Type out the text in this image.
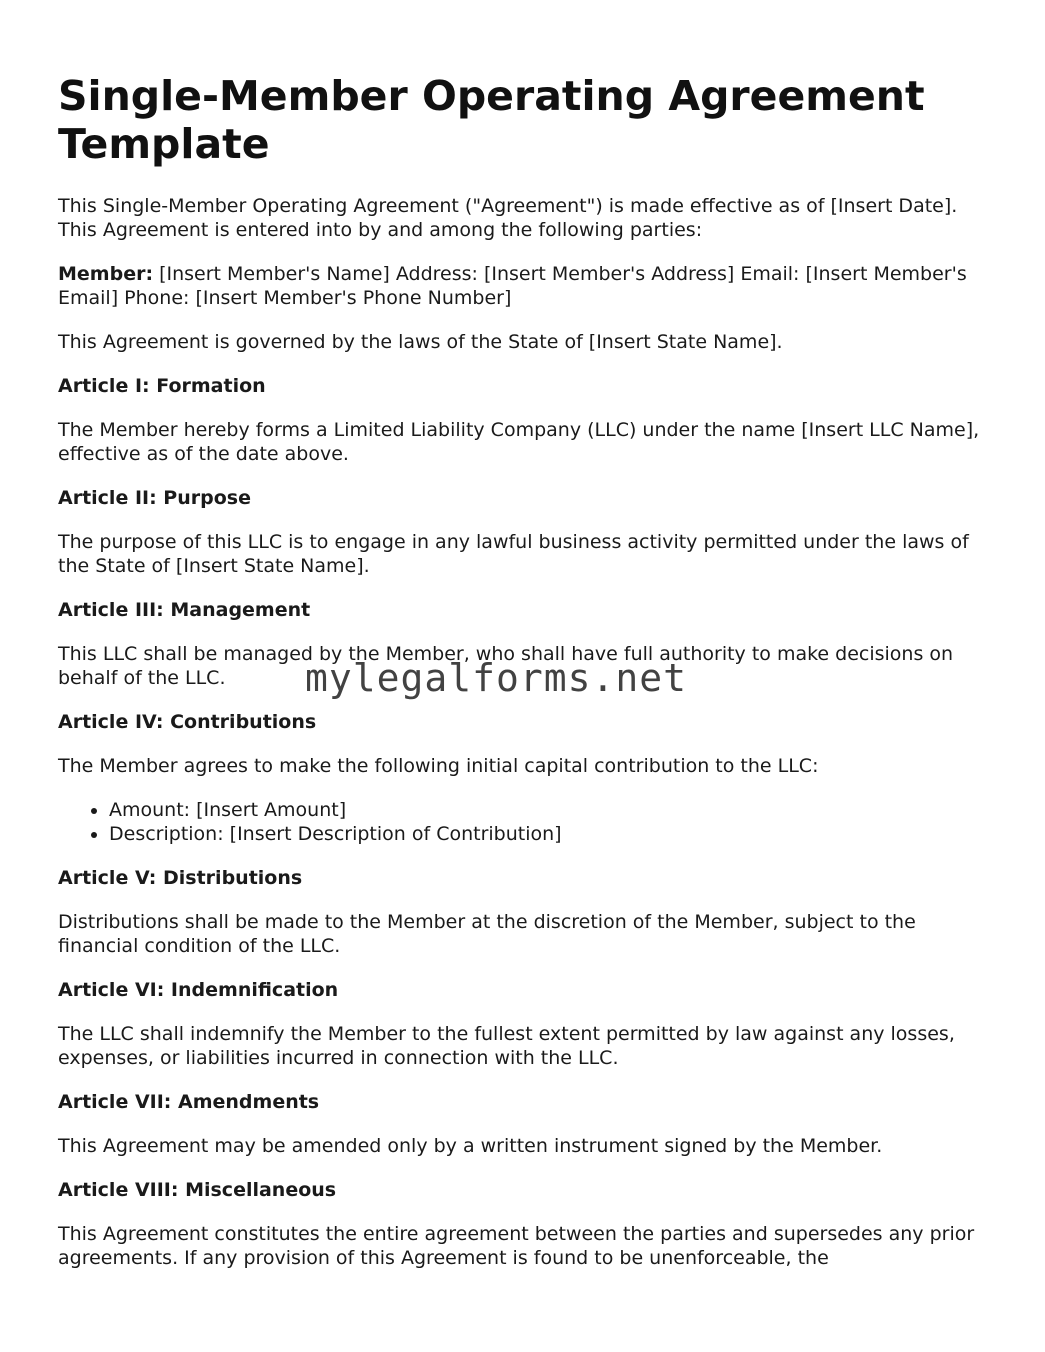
Single-Member Operating Agreement Template

This Single-Member Operating Agreement ("Agreement") is made effective as of [Insert Date]. This Agreement is entered into by and among the following parties:

Member: [Insert Member's Name] Address: [Insert Member's Address] Email: [Insert Member's Email] Phone: [Insert Member's Phone Number]

This Agreement is governed by the laws of the State of [Insert State Name].

Article I: Formation

The Member hereby forms a Limited Liability Company (LLC) under the name [Insert LLC Name], effective as of the date above.

Article II: Purpose

The purpose of this LLC is to engage in any lawful business activity permitted under the laws of the State of [Insert State Name].

Article III: Management

This LLC shall be managed by the Member, who shall have full authority to make decisions on behalf of the LLC.

Article IV: Contributions

The Member agrees to make the following initial capital contribution to the LLC:

• Amount: [Insert Amount]
• Description: [Insert Description of Contribution]
Article V: Distributions

Distributions shall be made to the Member at the discretion of the Member, subject to the financial condition of the LLC.

Article VI: Indemnification

The LLC shall indemnify the Member to the fullest extent permitted by law against any losses, expenses, or liabilities incurred in connection with the LLC.

Article VII: Amendments

This Agreement may be amended only by a written instrument signed by the Member.

Article VIII: Miscellaneous

This Agreement constitutes the entire agreement between the parties and supersedes any prior agreements. If any provision of this Agreement is found to be unenforceable, the

mylegalforms.net
